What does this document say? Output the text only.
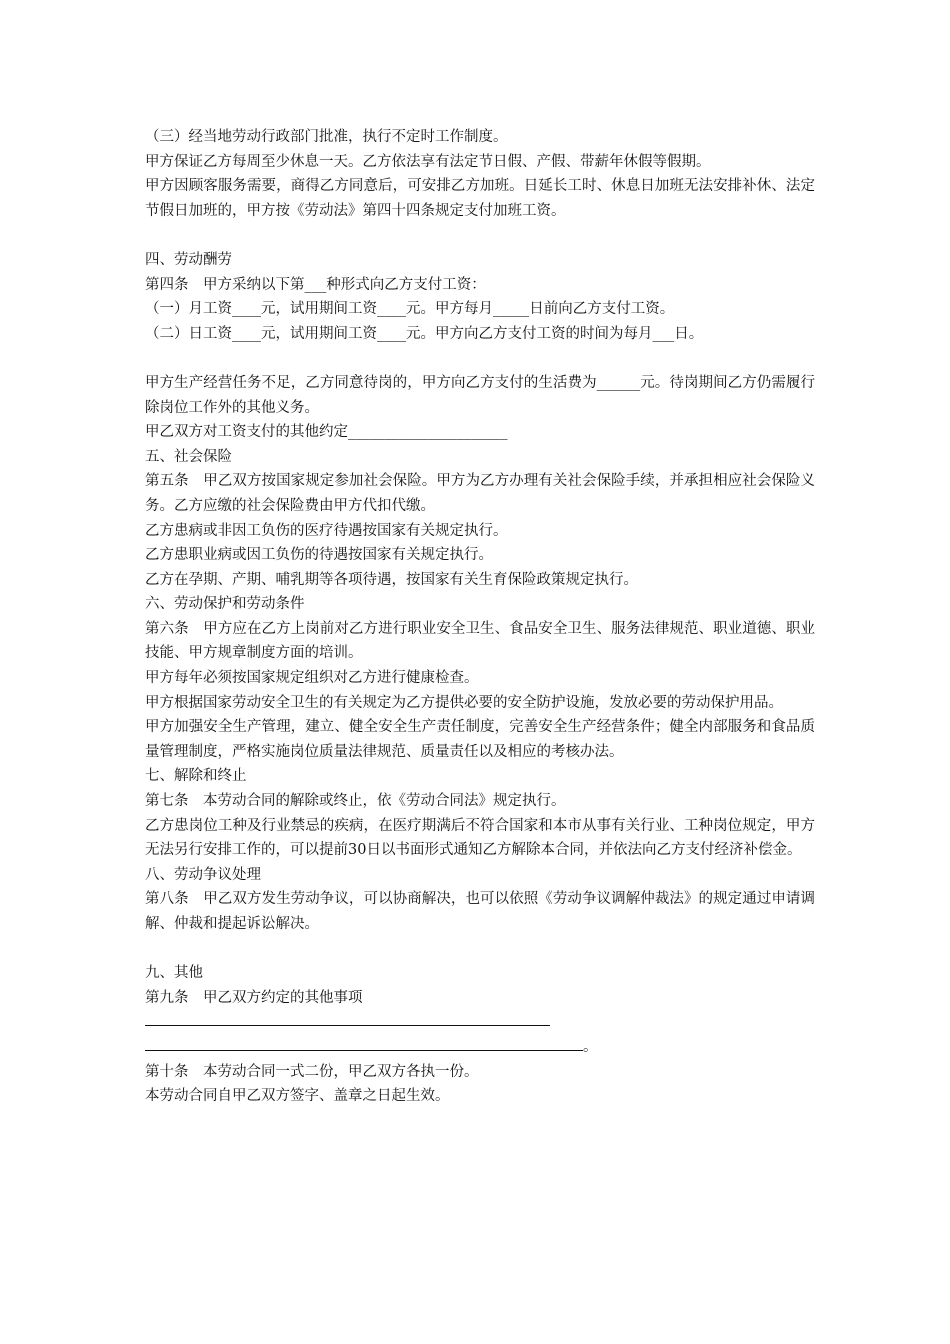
（三）经当地劳动行政部门批准，执行不定时工作制度。

甲方保证乙方每周至少休息一天。乙方依法享有法定节日假、产假、带薪年休假等假期。

甲方因顾客服务需要，商得乙方同意后，可安排乙方加班。日延长工时、休息日加班无法安排补休、法定节假日加班的，甲方按《劳动法》第四十四条规定支付加班工资。

四、劳动酬劳

第四条　甲方采纳以下第___种形式向乙方支付工资：

（一）月工资____元，试用期间工资____元。甲方每月_____日前向乙方支付工资。

（二）日工资____元，试用期间工资____元。甲方向乙方支付工资的时间为每月___日。

甲方生产经营任务不足，乙方同意待岗的，甲方向乙方支付的生活费为______元。待岗期间乙方仍需履行除岗位工作外的其他义务。

甲乙双方对工资支付的其他约定______________________

五、社会保险

第五条　甲乙双方按国家规定参加社会保险。甲方为乙方办理有关社会保险手续，并承担相应社会保险义务。乙方应缴的社会保险费由甲方代扣代缴。

乙方患病或非因工负伤的医疗待遇按国家有关规定执行。

乙方患职业病或因工负伤的待遇按国家有关规定执行。

乙方在孕期、产期、哺乳期等各项待遇，按国家有关生育保险政策规定执行。

六、劳动保护和劳动条件

第六条　甲方应在乙方上岗前对乙方进行职业安全卫生、食品安全卫生、服务法律规范、职业道德、职业技能、甲方规章制度方面的培训。

甲方每年必须按国家规定组织对乙方进行健康检查。

甲方根据国家劳动安全卫生的有关规定为乙方提供必要的安全防护设施，发放必要的劳动保护用品。

甲方加强安全生产管理，建立、健全安全生产责任制度，完善安全生产经营条件；健全内部服务和食品质量管理制度，严格实施岗位质量法律规范、质量责任以及相应的考核办法。

七、解除和终止

第七条　本劳动合同的解除或终止，依《劳动合同法》规定执行。

乙方患岗位工种及行业禁忌的疾病，在医疗期满后不符合国家和本市从事有关行业、工种岗位规定，甲方无法另行安排工作的，可以提前30日以书面形式通知乙方解除本合同，并依法向乙方支付经济补偿金。

八、劳动争议处理

第八条　甲乙双方发生劳动争议，可以协商解决，也可以依照《劳动争议调解仲裁法》的规定通过申请调解、仲裁和提起诉讼解决。

九、其他

第九条　甲乙双方约定的其他事项

。

第十条　本劳动合同一式二份，甲乙双方各执一份。

本劳动合同自甲乙双方签字、盖章之日起生效。
